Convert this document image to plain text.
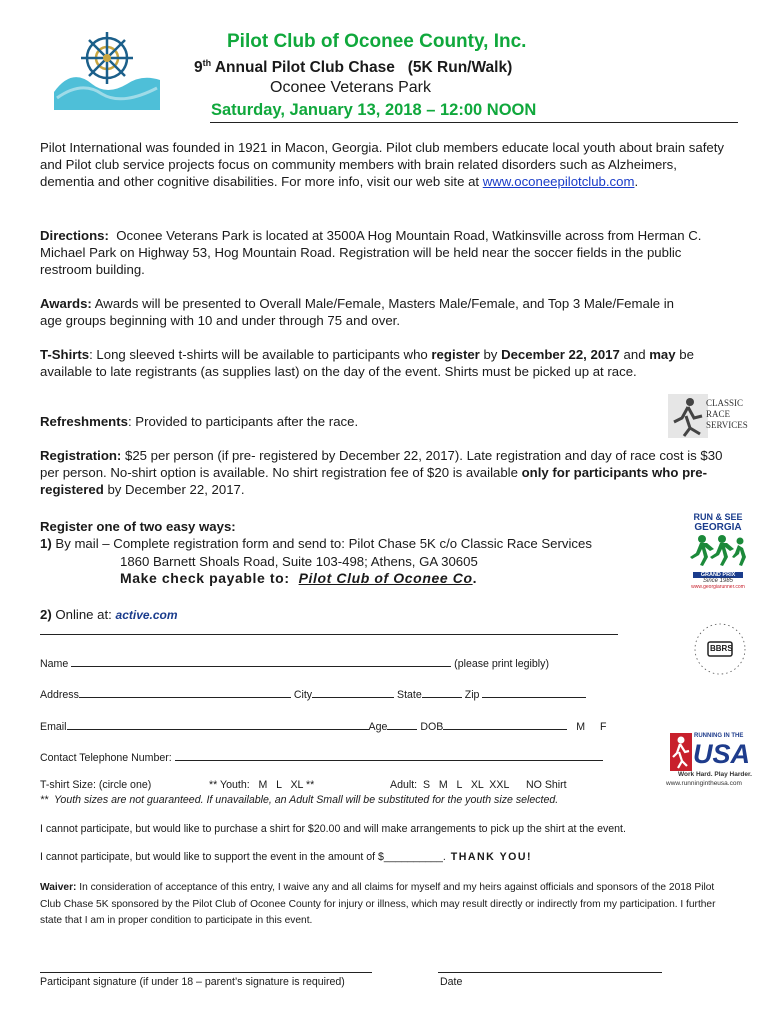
Pilot Club of Oconee County, Inc.
9th Annual Pilot Club Chase   (5K Run/Walk)
Oconee Veterans Park
Saturday, January 13, 2018 – 12:00 NOON
Pilot International was founded in 1921 in Macon, Georgia. Pilot club members educate local youth about brain safety and Pilot club service projects focus on community members with brain related disorders such as Alzheimers, dementia and other cognitive disabilities. For more info, visit our web site at www.oconeepilotclub.com.
Directions:  Oconee Veterans Park is located at 3500A Hog Mountain Road, Watkinsville across from Herman C. Michael Park on Highway 53, Hog Mountain Road. Registration will be held near the soccer fields in the public restroom building.
Awards: Awards will be presented to Overall Male/Female, Masters Male/Female, and Top 3 Male/Female in age groups beginning with 10 and under through 75 and over.
T-Shirts: Long sleeved t-shirts will be available to participants who register by December 22, 2017 and may be available to late registrants (as supplies last) on the day of the event. Shirts must be picked up at race.
Refreshments: Provided to participants after the race.
Registration: $25 per person (if pre- registered by December 22, 2017). Late registration and day of race cost is $30 per person. No-shirt option is available. No shirt registration fee of $20 is available only for participants who pre-registered by December 22, 2017.
Register one of two easy ways:
1) By mail – Complete registration form and send to: Pilot Chase 5K c/o Classic Race Services
1860 Barnett Shoals Road, Suite 103-498; Athens, GA 30605
Make check payable to:  Pilot Club of Oconee Co.
2) Online at: active.com
Name	(please print legibly)
Address	City	State	Zip
Email	Age	DOB	M F
Contact Telephone Number:
T-shirt Size: (circle one)	** Youth:   M   L   XL **	Adult:  S   M   L   XL  XXL NO Shirt
**  Youth sizes are not guaranteed. If unavailable, an Adult Small will be substituted for the youth size selected.
I cannot participate, but would like to purchase a shirt for $20.00 and will make arrangements to pick up the shirt at the event.
I cannot participate, but would like to support the event in the amount of $__________. THANK YOU!
Waiver: In consideration of acceptance of this entry, I waive any and all claims for myself and my heirs against officials and sponsors of the 2018 Pilot Club Chase 5K sponsored by the Pilot Club of Oconee County for injury or illness, which may result directly or indirectly from my participation. I further state that I am in proper condition to participate in this event.
Participant signature (if under 18 – parent’s signature is required)	Date
CLASSIC
RACE
SERVICES
RUN & SEE
GEORGIA
GRAND PRIX
Since 1985
www.georgiarunner.com
BBRS
RUNNING IN THE
USA
Work Hard. Play Harder.
www.runningintheusa.com
